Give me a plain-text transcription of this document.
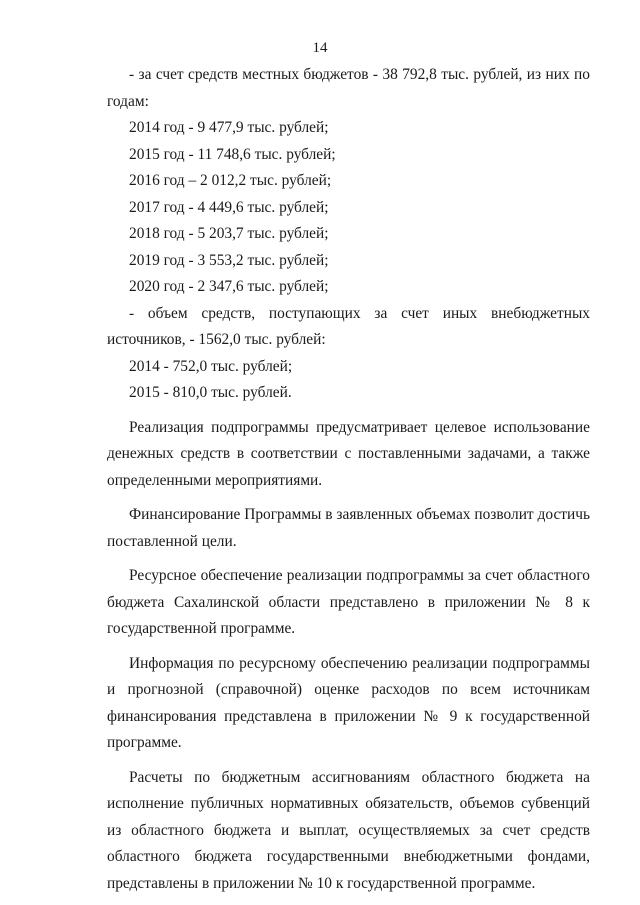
14

- за счет средств местных бюджетов - 38 792,8 тыс. рублей, из них по годам:

2014 год - 9 477,9 тыс. рублей;

2015 год - 11 748,6 тыс. рублей;

2016 год – 2 012,2 тыс. рублей;

2017 год - 4 449,6 тыс. рублей;

2018 год - 5 203,7 тыс. рублей;

2019 год - 3 553,2 тыс. рублей;

2020 год - 2 347,6 тыс. рублей;

- объем средств, поступающих за счет иных внебюджетных источников, - 1562,0 тыс. рублей:

2014 - 752,0 тыс. рублей;

2015 - 810,0 тыс. рублей.

Реализация подпрограммы предусматривает целевое использование денежных средств в соответствии с поставленными задачами, а также определенными мероприятиями.

Финансирование Программы в заявленных объемах позволит достичь поставленной цели.

Ресурсное обеспечение реализации подпрограммы за счет областного бюджета Сахалинской области представлено в приложении № 8 к государственной программе.

Информация по ресурсному обеспечению реализации подпрограммы и прогнозной (справочной) оценке расходов по всем источникам финансирования представлена в приложении № 9 к государственной программе.

Расчеты по бюджетным ассигнованиям областного бюджета на исполнение публичных нормативных обязательств, объемов субвенций из областного бюджета и выплат, осуществляемых за счет средств областного бюджета государственными внебюджетными фондами, представлены в приложении № 10 к государственной программе.
